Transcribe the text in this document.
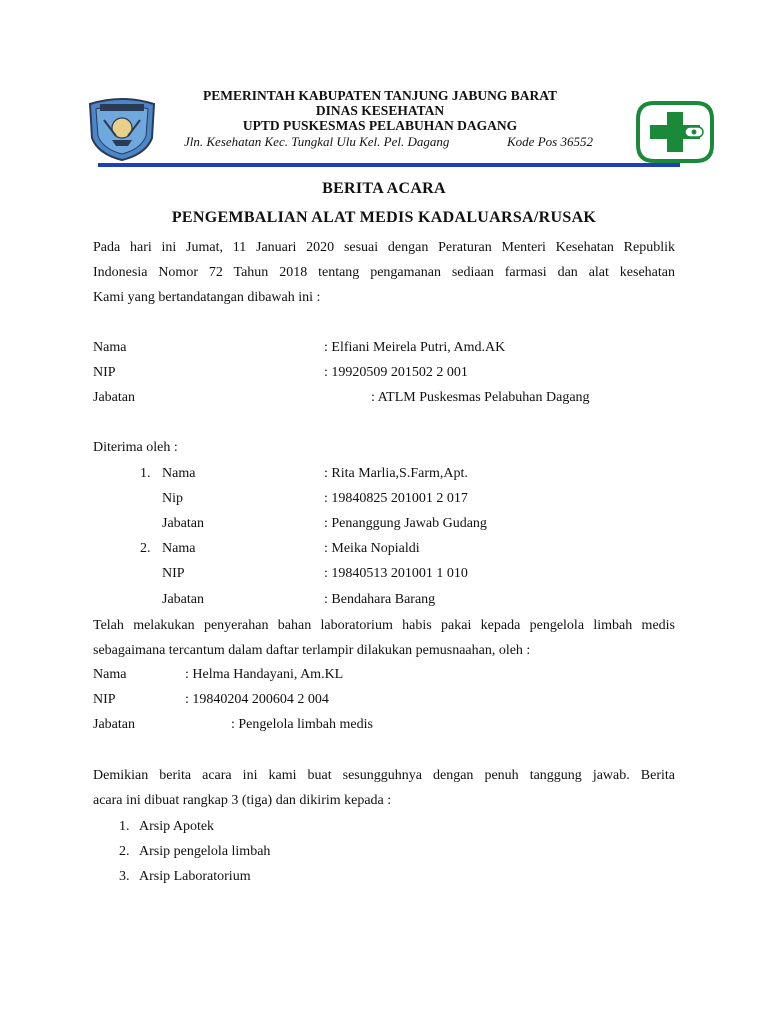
PEMERINTAH KABUPATEN TANJUNG JABUNG BARAT
DINAS KESEHATAN
UPTD PUSKESMAS PELABUHAN DAGANG
Jln. Kesehatan Kec. Tungkal Ulu Kel. Pel. Dagang	Kode Pos 36552
BERITA ACARA
PENGEMBALIAN ALAT MEDIS KADALUARSA/RUSAK
Pada hari ini Jumat, 11 Januari 2020 sesuai dengan Peraturan Menteri Kesehatan Republik
Indonesia Nomor 72 Tahun 2018 tentang pengamanan sediaan farmasi dan alat kesehatan
Kami yang bertandatangan dibawah ini :
Nama	: Elfiani Meirela Putri, Amd.AK
NIP	: 19920509 201502 2 001
Jabatan	: ATLM Puskesmas Pelabuhan Dagang
Diterima oleh :
1. Nama	: Rita Marlia,S.Farm,Apt.
Nip	: 19840825 201001 2 017
Jabatan	: Penanggung Jawab Gudang
2. Nama	: Meika Nopialdi
NIP	: 19840513 201001 1 010
Jabatan	: Bendahara Barang
Telah melakukan penyerahan bahan laboratorium habis pakai kepada pengelola limbah medis
sebagaimana tercantum dalam daftar terlampir dilakukan pemusnaahan, oleh :
Nama	: Helma Handayani, Am.KL
NIP	: 19840204 200604 2 004
Jabatan	: Pengelola limbah medis
Demikian berita acara ini kami buat sesungguhnya dengan penuh tanggung jawab. Berita
acara ini dibuat rangkap 3 (tiga) dan dikirim kepada :
1. Arsip Apotek
2. Arsip pengelola limbah
3. Arsip Laboratorium
